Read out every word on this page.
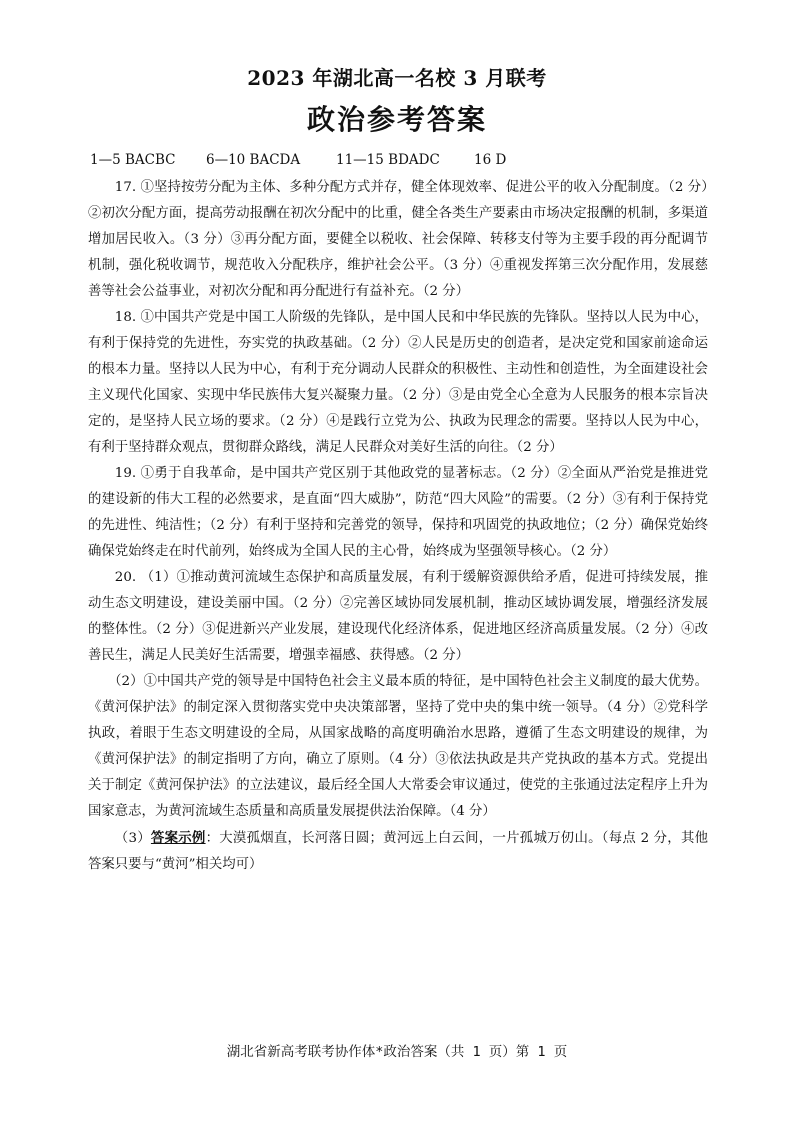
2023 年湖北高一名校 3 月联考
政治参考答案
1—5 BACBC 6—10 BACDA	11—15 BDADC	16 D

17. ①坚持按劳分配为主体、多种分配方式并存，健全体现效率、促进公平的收入分配制度。（2 分）②初次分配方面，提高劳动报酬在初次分配中的比重，健全各类生产要素由市场决定报酬的机制，多渠道增加居民收入。（3 分）③再分配方面，要健全以税收、社会保障、转移支付等为主要手段的再分配调节机制，强化税收调节，规范收入分配秩序，维护社会公平。（3 分）④重视发挥第三次分配作用，发展慈善等社会公益事业，对初次分配和再分配进行有益补充。（2 分）

18. ①中国共产党是中国工人阶级的先锋队，是中国人民和中华民族的先锋队。坚持以人民为中心，有利于保持党的先进性，夯实党的执政基础。（2 分）②人民是历史的创造者，是决定党和国家前途命运的根本力量。坚持以人民为中心，有利于充分调动人民群众的积极性、主动性和创造性，为全面建设社会主义现代化国家、实现中华民族伟大复兴凝聚力量。（2 分）③是由党全心全意为人民服务的根本宗旨决定的，是坚持人民立场的要求。（2 分）④是践行立党为公、执政为民理念的需要。坚持以人民为中心，有利于坚持群众观点，贯彻群众路线，满足人民群众对美好生活的向往。（2 分）

19. ①勇于自我革命，是中国共产党区别于其他政党的显著标志。（2 分）②全面从严治党是推进党的建设新的伟大工程的必然要求，是直面“四大威胁”，防范“四大风险”的需要。（2 分）③有利于保持党的先进性、纯洁性；（2 分）有利于坚持和完善党的领导，保持和巩固党的执政地位；（2 分）确保党始终确保党始终走在时代前列，始终成为全国人民的主心骨，始终成为坚强领导核心。（2 分）

20. （1）①推动黄河流域生态保护和高质量发展，有利于缓解资源供给矛盾，促进可持续发展，推动生态文明建设，建设美丽中国。（2 分）②完善区域协同发展机制，推动区域协调发展，增强经济发展的整体性。（2 分）③促进新兴产业发展，建设现代化经济体系，促进地区经济高质量发展。（2 分）④改善民生，满足人民美好生活需要，增强幸福感、获得感。（2 分）

（2）①中国共产党的领导是中国特色社会主义最本质的特征，是中国特色社会主义制度的最大优势。《黄河保护法》的制定深入贯彻落实党中央决策部署，坚持了党中央的集中统一领导。（4 分）②党科学执政，着眼于生态文明建设的全局，从国家战略的高度明确治水思路，遵循了生态文明建设的规律，为《黄河保护法》的制定指明了方向，确立了原则。（4 分）③依法执政是共产党执政的基本方式。党提出关于制定《黄河保护法》的立法建议，最后经全国人大常委会审议通过，使党的主张通过法定程序上升为国家意志，为黄河流域生态质量和高质量发展提供法治保障。（4 分）

（3）答案示例：大漠孤烟直，长河落日圆；黄河远上白云间，一片孤城万仞山。（每点 2 分，其他答案只要与“黄河”相关均可）

湖北省新高考联考协作体*政治答案（共 1 页）第 1 页
